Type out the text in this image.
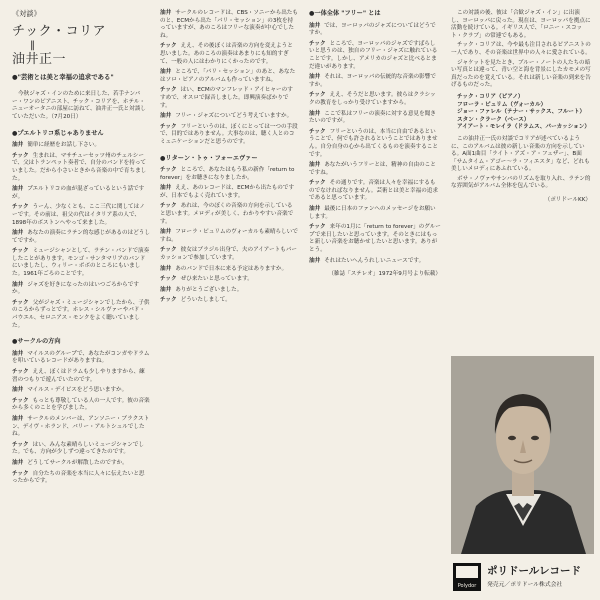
《対談》
チック・コリア
‖
油井正一
●"芸術とは美と幸福の追求である"
今秋ジャズ・インのために来日した、若手ナンバー・ワンのピアニスト、チック・コリアを、ホテル・ニューオータニの部屋に訪ねて、油井正一氏と対談していただいた。（7月20日）
●プエルトリコ系じゃありません
油井 簡単に経歴をお話し下さい。
チック 生まれは、マサチューセッツ州のチェルシーで、父はトランペット奏者で、自分のバンドを持っていました。だから小さいときから音楽の中で育ちました。
油井 プエルトリコの血が混ざっているという話ですが。
チック うーん、少なくとも、ここ三代に関してはノーです。その前は、祖父の代はイタリア系の人で、1898年のボストンへやって来ました。
油井 あなたの演奏にラテン的な感じがあるのはどうしてですか。
チック ミュージシャンとして、ラテン・バンドで演奏したことがあります。モンゴ・サンタマリアのバンドにいましたし、ウィリー・ボボのところにもいました。1961年ごろのことです。
油井 ジャズを好きになったのはいつごろからですか。
チック 父がジャズ・ミュージシャンでしたから、子供のころからずっとです。ホレス・シルヴァーやバド・パウエル、セロニアス・モンクをよく聴いていました。
●サークルの方向
油井 マイルスのグループで、あなたがコンガやドラムを叩いているレコードがありますね。
チック ええ、ぼくはドラムも少しやりますから、練習のつもりで遊んでいたのです。
油井 マイルス・デイビスをどう思いますか。
チック もっとも尊敬している人の一人です。彼の音楽から多くのことを学びました。
油井 サークルのメンバーは、アンソニー・ブラクストン、デイヴ・ホランド、バリー・アルトシュルでしたね。
チック はい、みんな素晴らしいミュージシャンでした。でも、方向が少しずつ違ってきたのです。
油井 どうしてサークルが解散したのですか。
チック 自分たちの音楽を本当に人々に伝えたいと思ったからです。
油井 サークルのレコードは、CBS・ソニーから出たものと、ECMから出た「パリ・セッション」の3枚を持っていますが、あのころはフリーな演奏が中心でしたね。
チック ええ、その後ぼくは音楽の方向を変えようと思いました。あのころの演奏はあまりにも知的すぎて、一般の人にはわかりにくかったのです。
油井 ところで、「パリ・セッション」のあと、あなたはソロ・ピアノのアルバムも作っていますね。
チック はい、ECMのマンフレッド・アイヒャーのすすめで、オスロで録音しました。即興演奏ばかりです。
油井 フリー・ジャズについてどう考えていますか。
チック フリーというのは、ぼくにとっては一つの手段で、目的ではありません。大事なのは、聴く人とのコミュニケーションだと思うのです。
●リターン・トゥ・フォーエヴァー
チック ところで、あなたはもう私の新作「return to forever」をお聴きになりましたか。
油井 ええ、あのレコードは、ECMから出たものですが、日本でもよく売れています。
チック あれは、今のぼくの音楽の方向を示していると思います。メロディが美しく、わかりやすい音楽です。
油井 フローラ・ピュリムのヴォーカルも素晴らしいですね。
チック 彼女はブラジル出身で、夫のアイアートもパーカッションで参加しています。
油井 あのバンドで日本に来る予定はありますか。
チック ぜひ来たいと思っています。
油井 ありがとうございました。
チック どういたしまして。
●一体全体 "フリー" とは
油井 では、ヨーロッパのジャズについてはどうですか。
チック ところで、ヨーロッパのジャズですばらしいと思うのは、独自のフリー・ジャズに触れていることです。しかし、アメリカのジャズと比べるとまだ違いがあります。
油井 それは、ヨーロッパの伝統的な音楽の影響ですか。
チック ええ、そうだと思います。彼らはクラシックの教育をしっかり受けていますから。
油井 ここで私はフリーの演奏に対する意見を聞きたいのですが。
チック フリーというのは、本当に自由であるということで、何でも許されるということではありません。自分自身の心から出てくるものを演奏することです。
油井 あなたがいうフリーとは、精神の自由のことですね。
チック その通りです。音楽は人々を幸福にするものでなければなりません。芸術とは美と幸福の追求であると思っています。
油井 最後に日本のファンへのメッセージをお願いします。
チック 来年の1月に「return to forever」のグループで来日したいと思っています。そのときにはもっと新しい音楽をお聴かせしたいと思います。ありがとう。
油井 それはたいへんうれしいニュースです。
（雑誌「ステレオ」1972年9月号より転載）
この対談の後、彼は「合歓ジャズ・イン」に出演し、ヨーロッパに戻った。現在は、ヨーロッパを拠点に活動を続けている。イギリス人で、「ロニー・スコット・クラブ」の常連でもある。
チック・コリアは、今や最も注目されるピアニストの一人であり、その音楽は世界中の人々に愛されている。
ジャケットを見たとき、ブルー・ノートの人たちの暗い写真とは違って、青い空と海を背景にしたカモメの写真だったのを覚えている。それは新しい音楽の到来を告げるものだった。
チック・コリア（ピアノ）
フローラ・ピュリム（ヴォーカル）
ジョー・ファレル（テナー・サックス、フルート）
スタン・クラーク（ベース）
アイアート・モレイラ（ドラムス、パーカッション）
この油井正一氏の対談でコリアが述べているように、このアルバムは彼の新しい音楽の方向を示している。A面1曲目「ライト・アズ・ア・フェザー」、B面「サムタイム・アゴー〜ラ・フィエスタ」など、どれも美しいメロディにあふれている。
ボサ・ノヴァやサンバのリズムを取り入れ、ラテン的な雰囲気がアルバム全体を包んでいる。
（ポリドールKK）
Polydor
ポリドールレコード
発売元／ポリドール株式会社
